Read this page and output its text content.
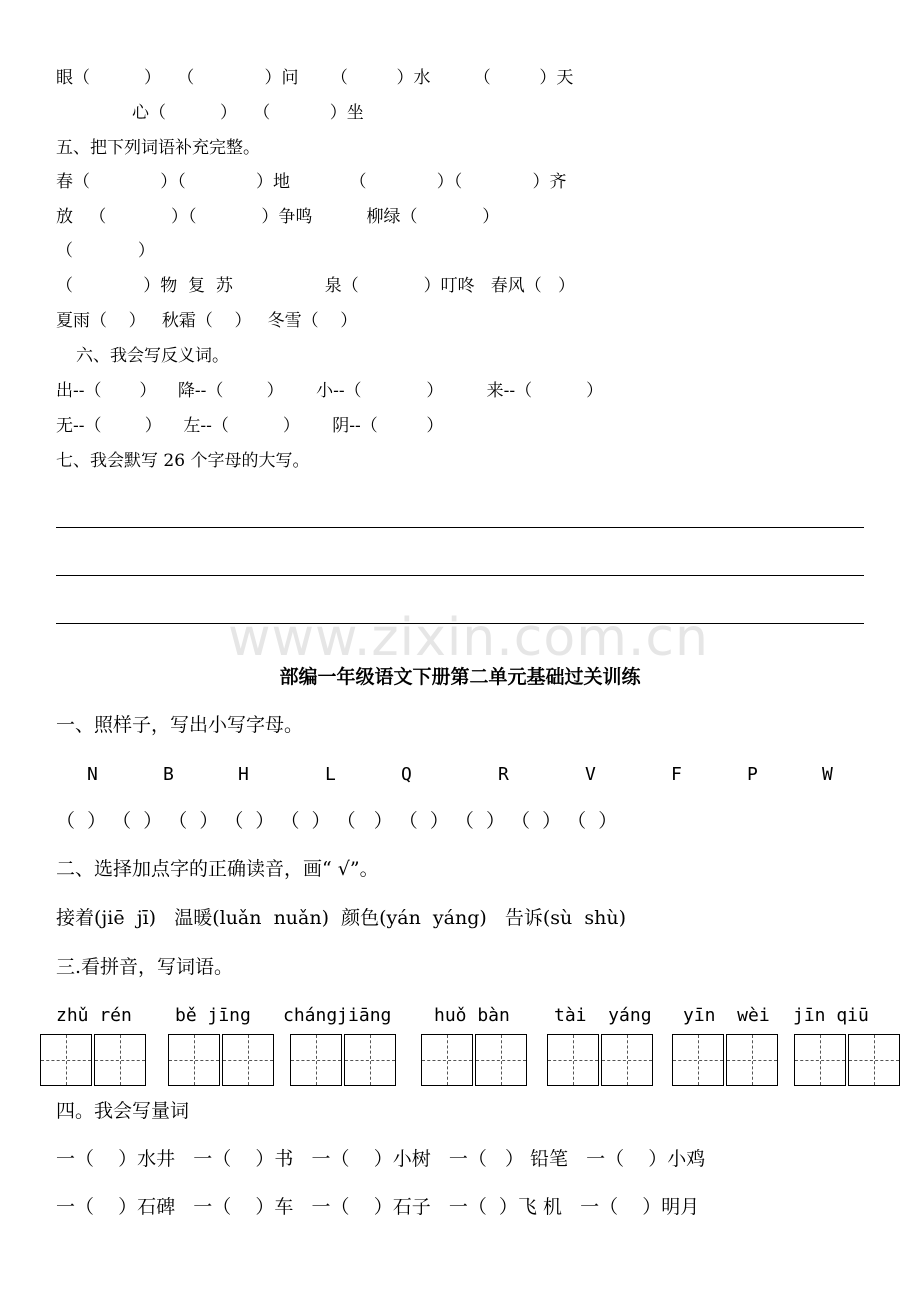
眼（          ）   （             ）问      （         ）水        （         ）天
心（          ）   （           ）坐
五、把下列词语补充完整。
春（             ）（             ）地           （             ）（             ）齐
放   （            ）（            ）争鸣          柳绿（            ）
（            ）
（             ）物  复  苏                 泉（            ）叮咚   春风（   ）
夏雨（    ）   秋霜（    ）   冬雪（    ）
六、我会写反义词。
出--（       ）    降--（        ）      小--（            ）        来--（          ）
无--（        ）    左--（          ）      阴--（         ）
七、我会默写 26 个字母的大写。
www.zixin.com.cn
部编一年级语文下册第二单元基础过关训练
一、照样子，写出小写字母。
N	B	H	L	Q	R	V	F	P	W
（  ） （  ） （  ） （  ） （  ） （   ） （  ） （  ） （  ） （  ）
二、选择加点字的正确读音，画“ √”。
接着(jiē  jī)   温暖(luǎn  nuǎn)  颜色(yán  yáng)   告诉(sù  shù)
三.看拼音，写词语。
zhǔ rén bě jīng chángjiāng huǒ bàn tài  yáng yīn  wèi jīn qiū
四。我会写量词
一（    ）水井   一（    ）书   一（    ）小树   一（   ） 铅笔   一（    ）小鸡
一（    ）石碑   一（    ）车   一（    ）石子   一（  ）飞 机   一（    ）明月
